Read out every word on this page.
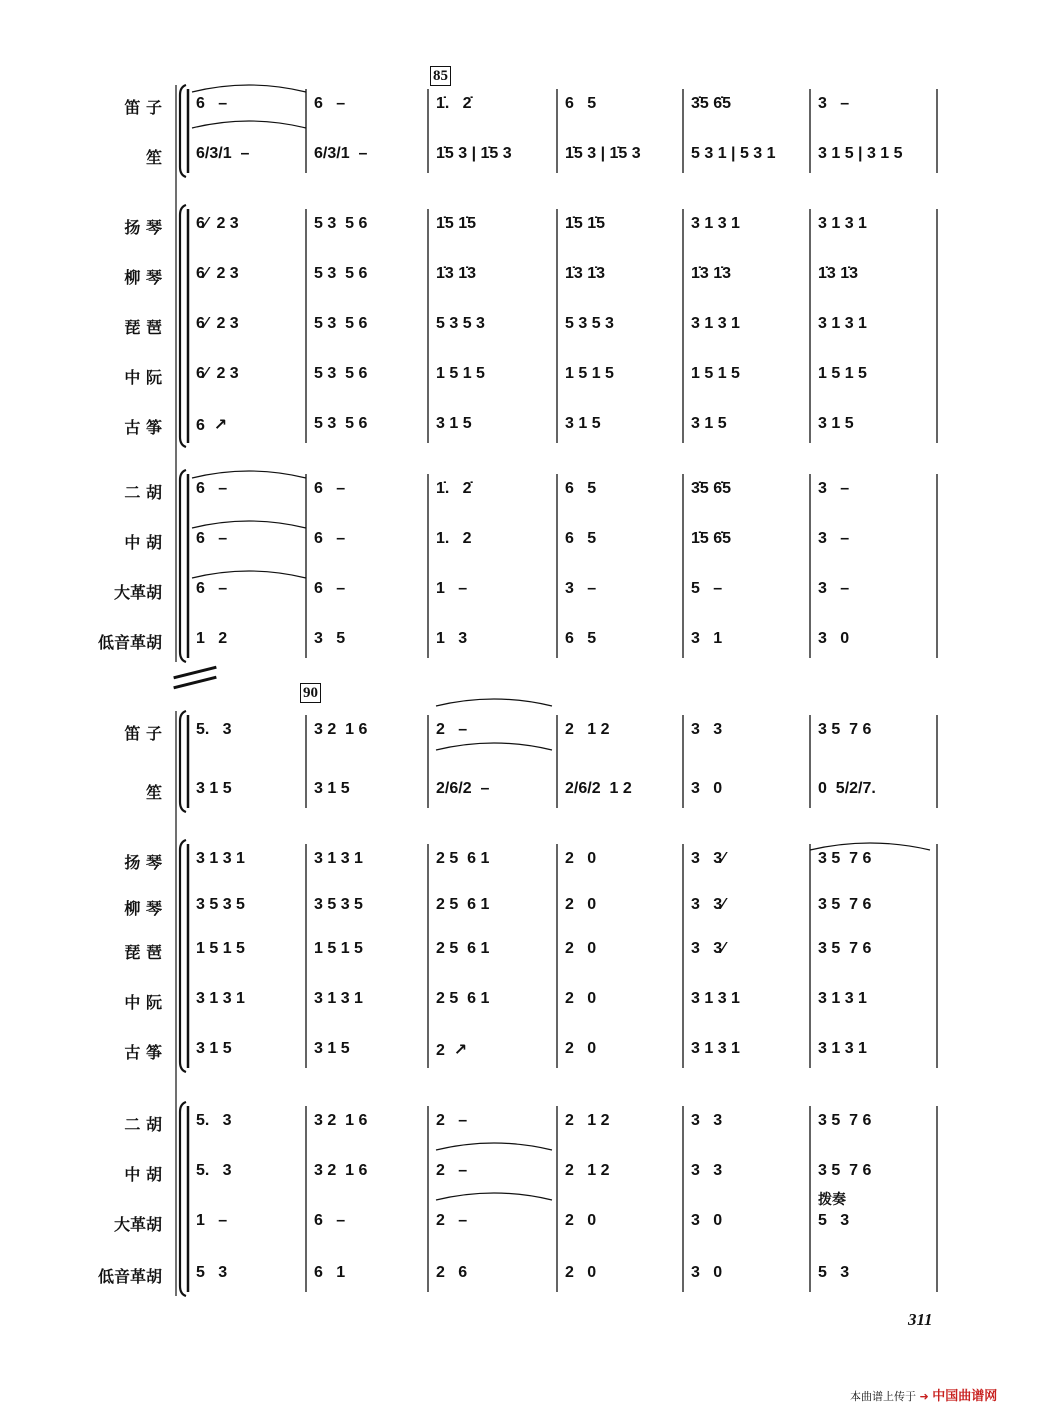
笛 子 6   –	6   –	1̇.   2̇	6   5	3̇5 6̇5	3   –
笙 6/3/1  –	6/3/1  –	1̇5 3 | 1̇5 3	1̇5 3 | 1̇5 3	5 3 1 | 5 3 1	3 1 5 | 3 1 5
扬 琴 6⁄  2 3	5 3  5 6	1̇5 1̇5	1̇5 1̇5	3 1 3 1	3 1 3 1
柳 琴 6⁄  2 3	5 3  5 6	1̇3 1̇3	1̇3 1̇3	1̇3 1̇3	1̇3 1̇3
琵 琶 6⁄  2 3	5 3  5 6	5 3 5 3	5 3 5 3	3 1 3 1	3 1 3 1
中 阮 6⁄  2 3	5 3  5 6	1 5 1 5	1 5 1 5	1 5 1 5	1 5 1 5
古 筝 6  ↗	5 3  5 6	3 1 5	3 1 5	3 1 5	3 1 5
二 胡 6   –	6   –	1̇.   2̇	6   5	3̇5 6̇5	3   –
中 胡 6   –	6   –	1.   2	6   5	1̇5 6̇5	3   –
大革胡 6   –	6   –	1   –	3   –	5   –	3   –
低音革胡 1   2	3   5	1   3	6   5	3   1	3   0
笛 子 5.   3	3 2  1 6	2   –	2   1 2	3   3	3 5  7 6
笙 3 1 5	3 1 5	2/6/2  –	2/6/2  1 2	3   0	0  5/2/7.
扬 琴 3 1 3 1	3 1 3 1	2 5  6 1	2   0	3   3⁄	3 5  7 6
柳 琴 3 5 3 5	3 5 3 5	2 5  6 1	2   0	3   3⁄	3 5  7 6
琵 琶 1 5 1 5	1 5 1 5	2 5  6 1	2   0	3   3⁄	3 5  7 6
中 阮 3 1 3 1	3 1 3 1	2 5  6 1	2   0	3 1 3 1	3 1 3 1
古 筝 3 1 5	3 1 5	2  ↗	2   0	3 1 3 1	3 1 3 1
二 胡 5.   3	3 2  1 6	2   –	2   1 2	3   3	3 5  7 6
中 胡 5.   3	3 2  1 6	2   –	2   1 2	3   3	3 5  7 6
大革胡 1   –	6   –	2   –	2   0	3   0	5   3
低音革胡 5   3	6   1	2   6	2   0	3   0	5   3
85
90
拨奏
311
本曲谱上传于 ➜ 中国曲谱网
